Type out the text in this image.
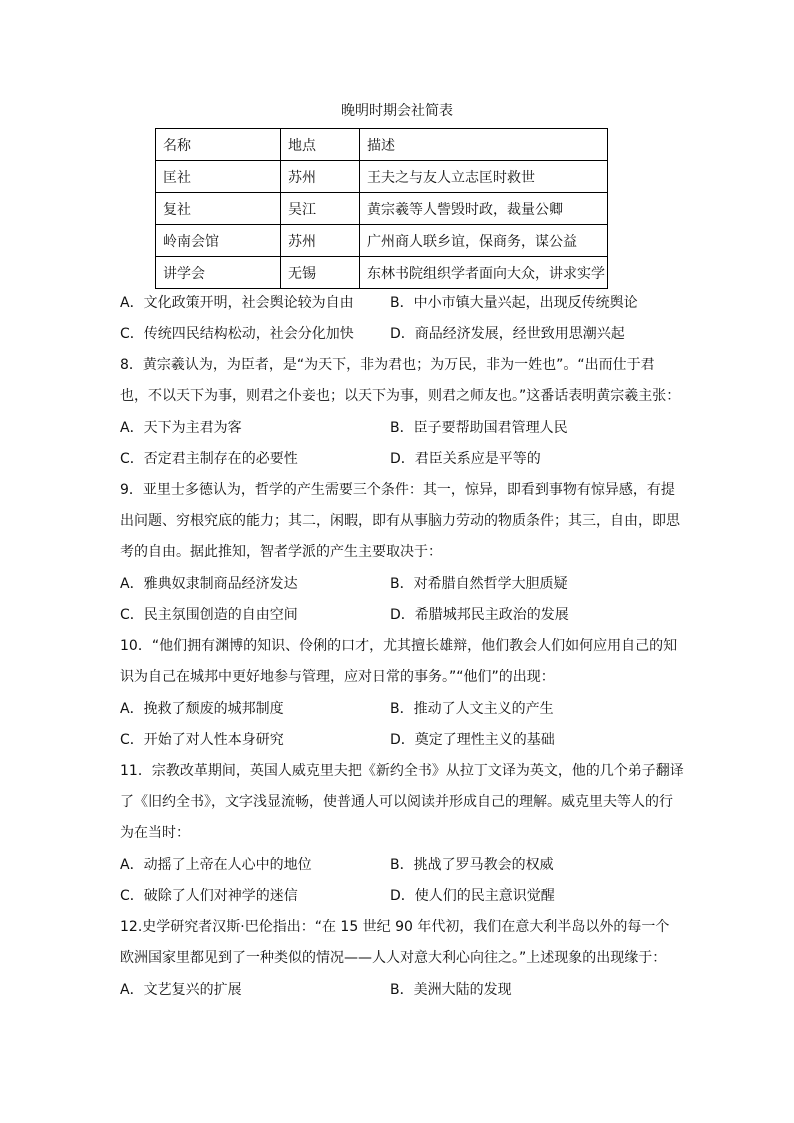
晚明时期会社简表
名称	地点	描述
匡社	苏州	王夫之与友人立志匡时救世
复社	吴江	黄宗羲等人訾毁时政，裁量公卿
岭南会馆	苏州	广州商人联乡谊，保商务，谋公益
讲学会	无锡	东林书院组织学者面向大众，讲求实学
A．文化政策开明，社会舆论较为自由	B．中小市镇大量兴起，出现反传统舆论
C．传统四民结构松动，社会分化加快	D．商品经济发展，经世致用思潮兴起
8．黄宗羲认为，为臣者，是“为天下，非为君也；为万民，非为一姓也”。“出而仕于君
也，不以天下为事，则君之仆妾也；以天下为事，则君之师友也。”这番话表明黄宗羲主张：
A．天下为主君为客	B．臣子要帮助国君管理人民
C．否定君主制存在的必要性	D．君臣关系应是平等的
9．亚里士多德认为，哲学的产生需要三个条件：其一，惊异，即看到事物有惊异感，有提
出问题、穷根究底的能力；其二，闲暇，即有从事脑力劳动的物质条件；其三，自由，即思
考的自由。据此推知，智者学派的产生主要取决于：
A．雅典奴隶制商品经济发达	B．对希腊自然哲学大胆质疑
C．民主氛围创造的自由空间	D．希腊城邦民主政治的发展
10．“他们拥有渊博的知识、伶俐的口才，尤其擅长雄辩，他们教会人们如何应用自己的知
识为自己在城邦中更好地参与管理，应对日常的事务。”“他们”的出现：
A．挽救了颓废的城邦制度	B．推动了人文主义的产生
C．开始了对人性本身研究	D．奠定了理性主义的基础
11．宗教改革期间，英国人威克里夫把《新约全书》从拉丁文译为英文，他的几个弟子翻译
了《旧约全书》，文字浅显流畅，使普通人可以阅读并形成自己的理解。威克里夫等人的行
为在当时：
A．动摇了上帝在人心中的地位	B．挑战了罗马教会的权威
C．破除了人们对神学的迷信	D．使人们的民主意识觉醒
12.史学研究者汉斯·巴伦指出：“在 15 世纪 90 年代初，我们在意大利半岛以外的每一个
欧洲国家里都见到了一种类似的情况——人人对意大利心向往之。”上述现象的出现缘于：
A．文艺复兴的扩展	B．美洲大陆的发现
